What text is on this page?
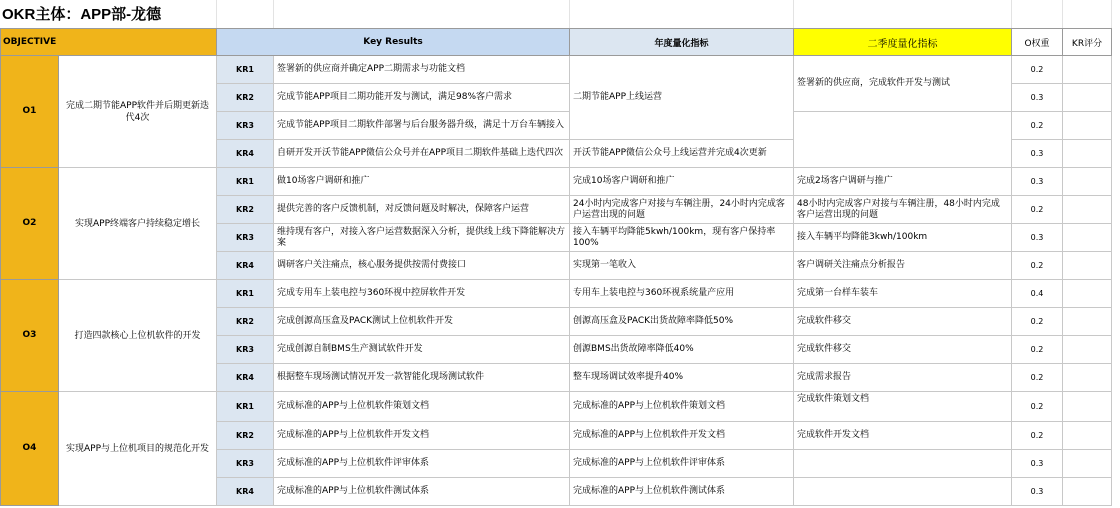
OKR主体：APP部-龙德
OBJECTIVE		Key Results		年度量化指标	二季度量化指标	O权重	KR评分
O1	完成二期节能APP软件并后期更新迭代4次	KR1	签署新的供应商并确定APP二期需求与功能文档	二期节能APP上线运营	签署新的供应商，完成软件开发与测试	0.2	
		KR2	完成节能APP项目二期功能开发与测试，满足98%客户需求			0.3	
		KR3	完成节能APP项目二期软件部署与后台服务器升级，满足十万台车辆接入			0.2	
		KR4	自研开发开沃节能APP微信公众号并在APP项目二期软件基础上迭代四次	开沃节能APP微信公众号上线运营并完成4次更新		0.3	
O2	实现APP终端客户持续稳定增长	KR1	做10场客户调研和推广	完成10场客户调研和推广	完成2场客户调研与推广	0.3	
		KR2	提供完善的客户反馈机制，对反馈问题及时解决，保障客户运营	24小时内完成客户对接与车辆注册，24小时内完成客户运营出现的问题	48小时内完成客户对接与车辆注册，48小时内完成客户运营出现的问题	0.2	
		KR3	维持现有客户，对接入客户运营数据深入分析，提供线上线下降能解决方案	接入车辆平均降能5kwh/100km，现有客户保持率100%	接入车辆平均降能3kwh/100km	0.3	
		KR4	调研客户关注痛点，核心服务提供按需付费接口	实现第一笔收入	客户调研关注痛点分析报告	0.2	
O3	打造四款核心上位机软件的开发	KR1	完成专用车上装电控与360环视中控屏软件开发	专用车上装电控与360环视系统量产应用	完成第一台样车装车	0.4	
		KR2	完成创源高压盒及PACK测试上位机软件开发	创源高压盒及PACK出货故障率降低50%	完成软件移交	0.2	
		KR3	完成创源自制BMS生产测试软件开发	创源BMS出货故障率降低40%	完成软件移交	0.2	
		KR4	根据整车现场测试情况开发一款智能化现场测试软件	整车现场调试效率提升40%	完成需求报告	0.2	
O4	实现APP与上位机项目的规范化开发	KR1	完成标准的APP与上位机软件策划文档	完成标准的APP与上位机软件策划文档	完成软件策划文档	0.2	
		KR2	完成标准的APP与上位机软件开发文档	完成标准的APP与上位机软件开发文档	完成软件开发文档	0.2	
		KR3	完成标准的APP与上位机软件评审体系	完成标准的APP与上位机软件评审体系		0.3	
		KR4	完成标准的APP与上位机软件测试体系	完成标准的APP与上位机软件测试体系		0.3	
